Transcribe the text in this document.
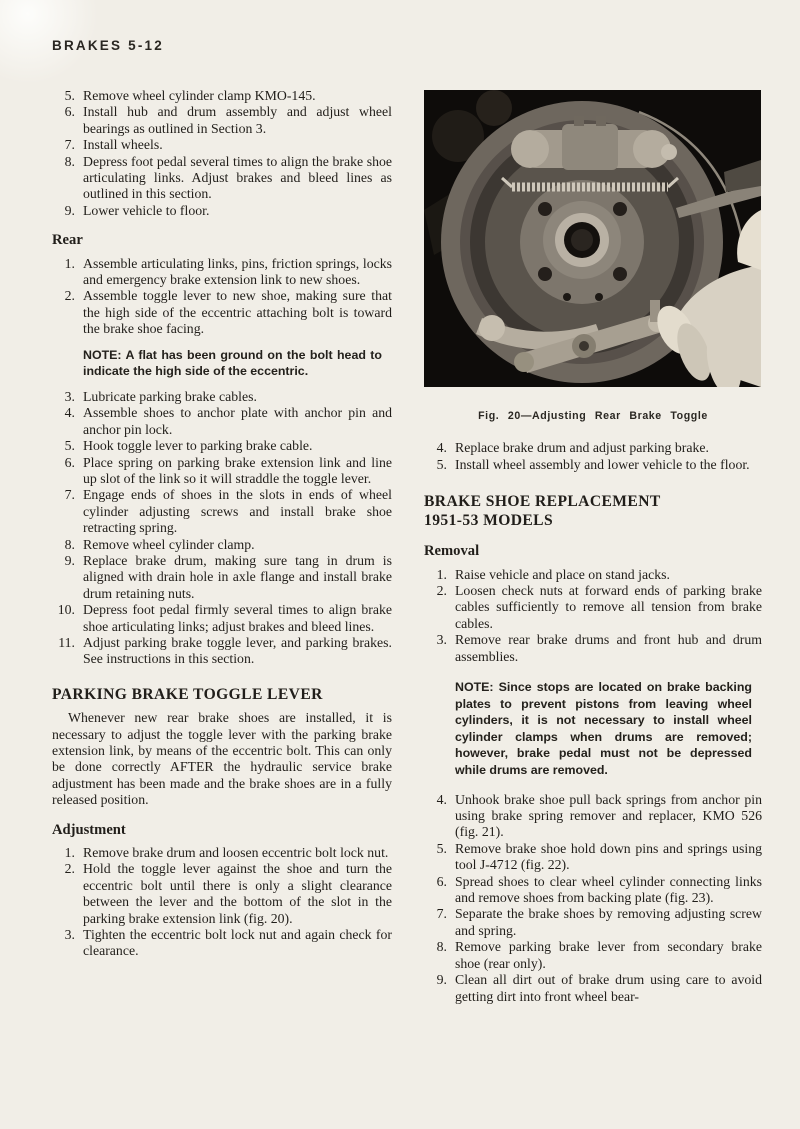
BRAKES 5-12
5. Remove wheel cylinder clamp KMO-145.
6. Install hub and drum assembly and adjust wheel bearings as outlined in Section 3.
7. Install wheels.
8. Depress foot pedal several times to align the brake shoe articulating links. Adjust brakes and bleed lines as outlined in this section.
9. Lower vehicle to floor.
Rear
1. Assemble articulating links, pins, friction springs, locks and emergency brake extension link to new shoes.
2. Assemble toggle lever to new shoe, making sure that the high side of the eccentric attaching bolt is toward the brake shoe facing.
NOTE: A flat has been ground on the bolt head to indicate the high side of the eccentric.
3. Lubricate parking brake cables.
4. Assemble shoes to anchor plate with anchor pin and anchor pin lock.
5. Hook toggle lever to parking brake cable.
6. Place spring on parking brake extension link and line up slot of the link so it will straddle the toggle lever.
7. Engage ends of shoes in the slots in ends of wheel cylinder adjusting screws and install brake shoe retracting spring.
8. Remove wheel cylinder clamp.
9. Replace brake drum, making sure tang in drum is aligned with drain hole in axle flange and install brake drum retaining nuts.
10. Depress foot pedal firmly several times to align brake shoe articulating links; adjust brakes and bleed lines.
11. Adjust parking brake toggle lever, and parking brakes. See instructions in this section.
PARKING BRAKE TOGGLE LEVER
Whenever new rear brake shoes are installed, it is necessary to adjust the toggle lever with the parking brake extension link, by means of the eccentric bolt. This can only be done correctly AFTER the hydraulic service brake adjustment has been made and the brake shoes are in a fully released position.
Adjustment
1. Remove brake drum and loosen eccentric bolt lock nut.
2. Hold the toggle lever against the shoe and turn the eccentric bolt until there is only a slight clearance between the lever and the bottom of the slot in the parking brake extension link (fig. 20).
3. Tighten the eccentric bolt lock nut and again check for clearance.
Fig. 20—Adjusting Rear Brake Toggle
4. Replace brake drum and adjust parking brake.
5. Install wheel assembly and lower vehicle to the floor.
BRAKE SHOE REPLACEMENT
1951-53 MODELS
Removal
1. Raise vehicle and place on stand jacks.
2. Loosen check nuts at forward ends of parking brake cables sufficiently to remove all tension from brake cables.
3. Remove rear brake drums and front hub and drum assemblies.
NOTE: Since stops are located on brake backing plates to prevent pistons from leaving wheel cylinders, it is not necessary to install wheel cylinder clamps when drums are removed; however, brake pedal must not be depressed while drums are removed.
4. Unhook brake shoe pull back springs from anchor pin using brake spring remover and replacer, KMO 526 (fig. 21).
5. Remove brake shoe hold down pins and springs using tool J-4712 (fig. 22).
6. Spread shoes to clear wheel cylinder connecting links and remove shoes from backing plate (fig. 23).
7. Separate the brake shoes by removing adjusting screw and spring.
8. Remove parking brake lever from secondary brake shoe (rear only).
9. Clean all dirt out of brake drum using care to avoid getting dirt into front wheel bear-
